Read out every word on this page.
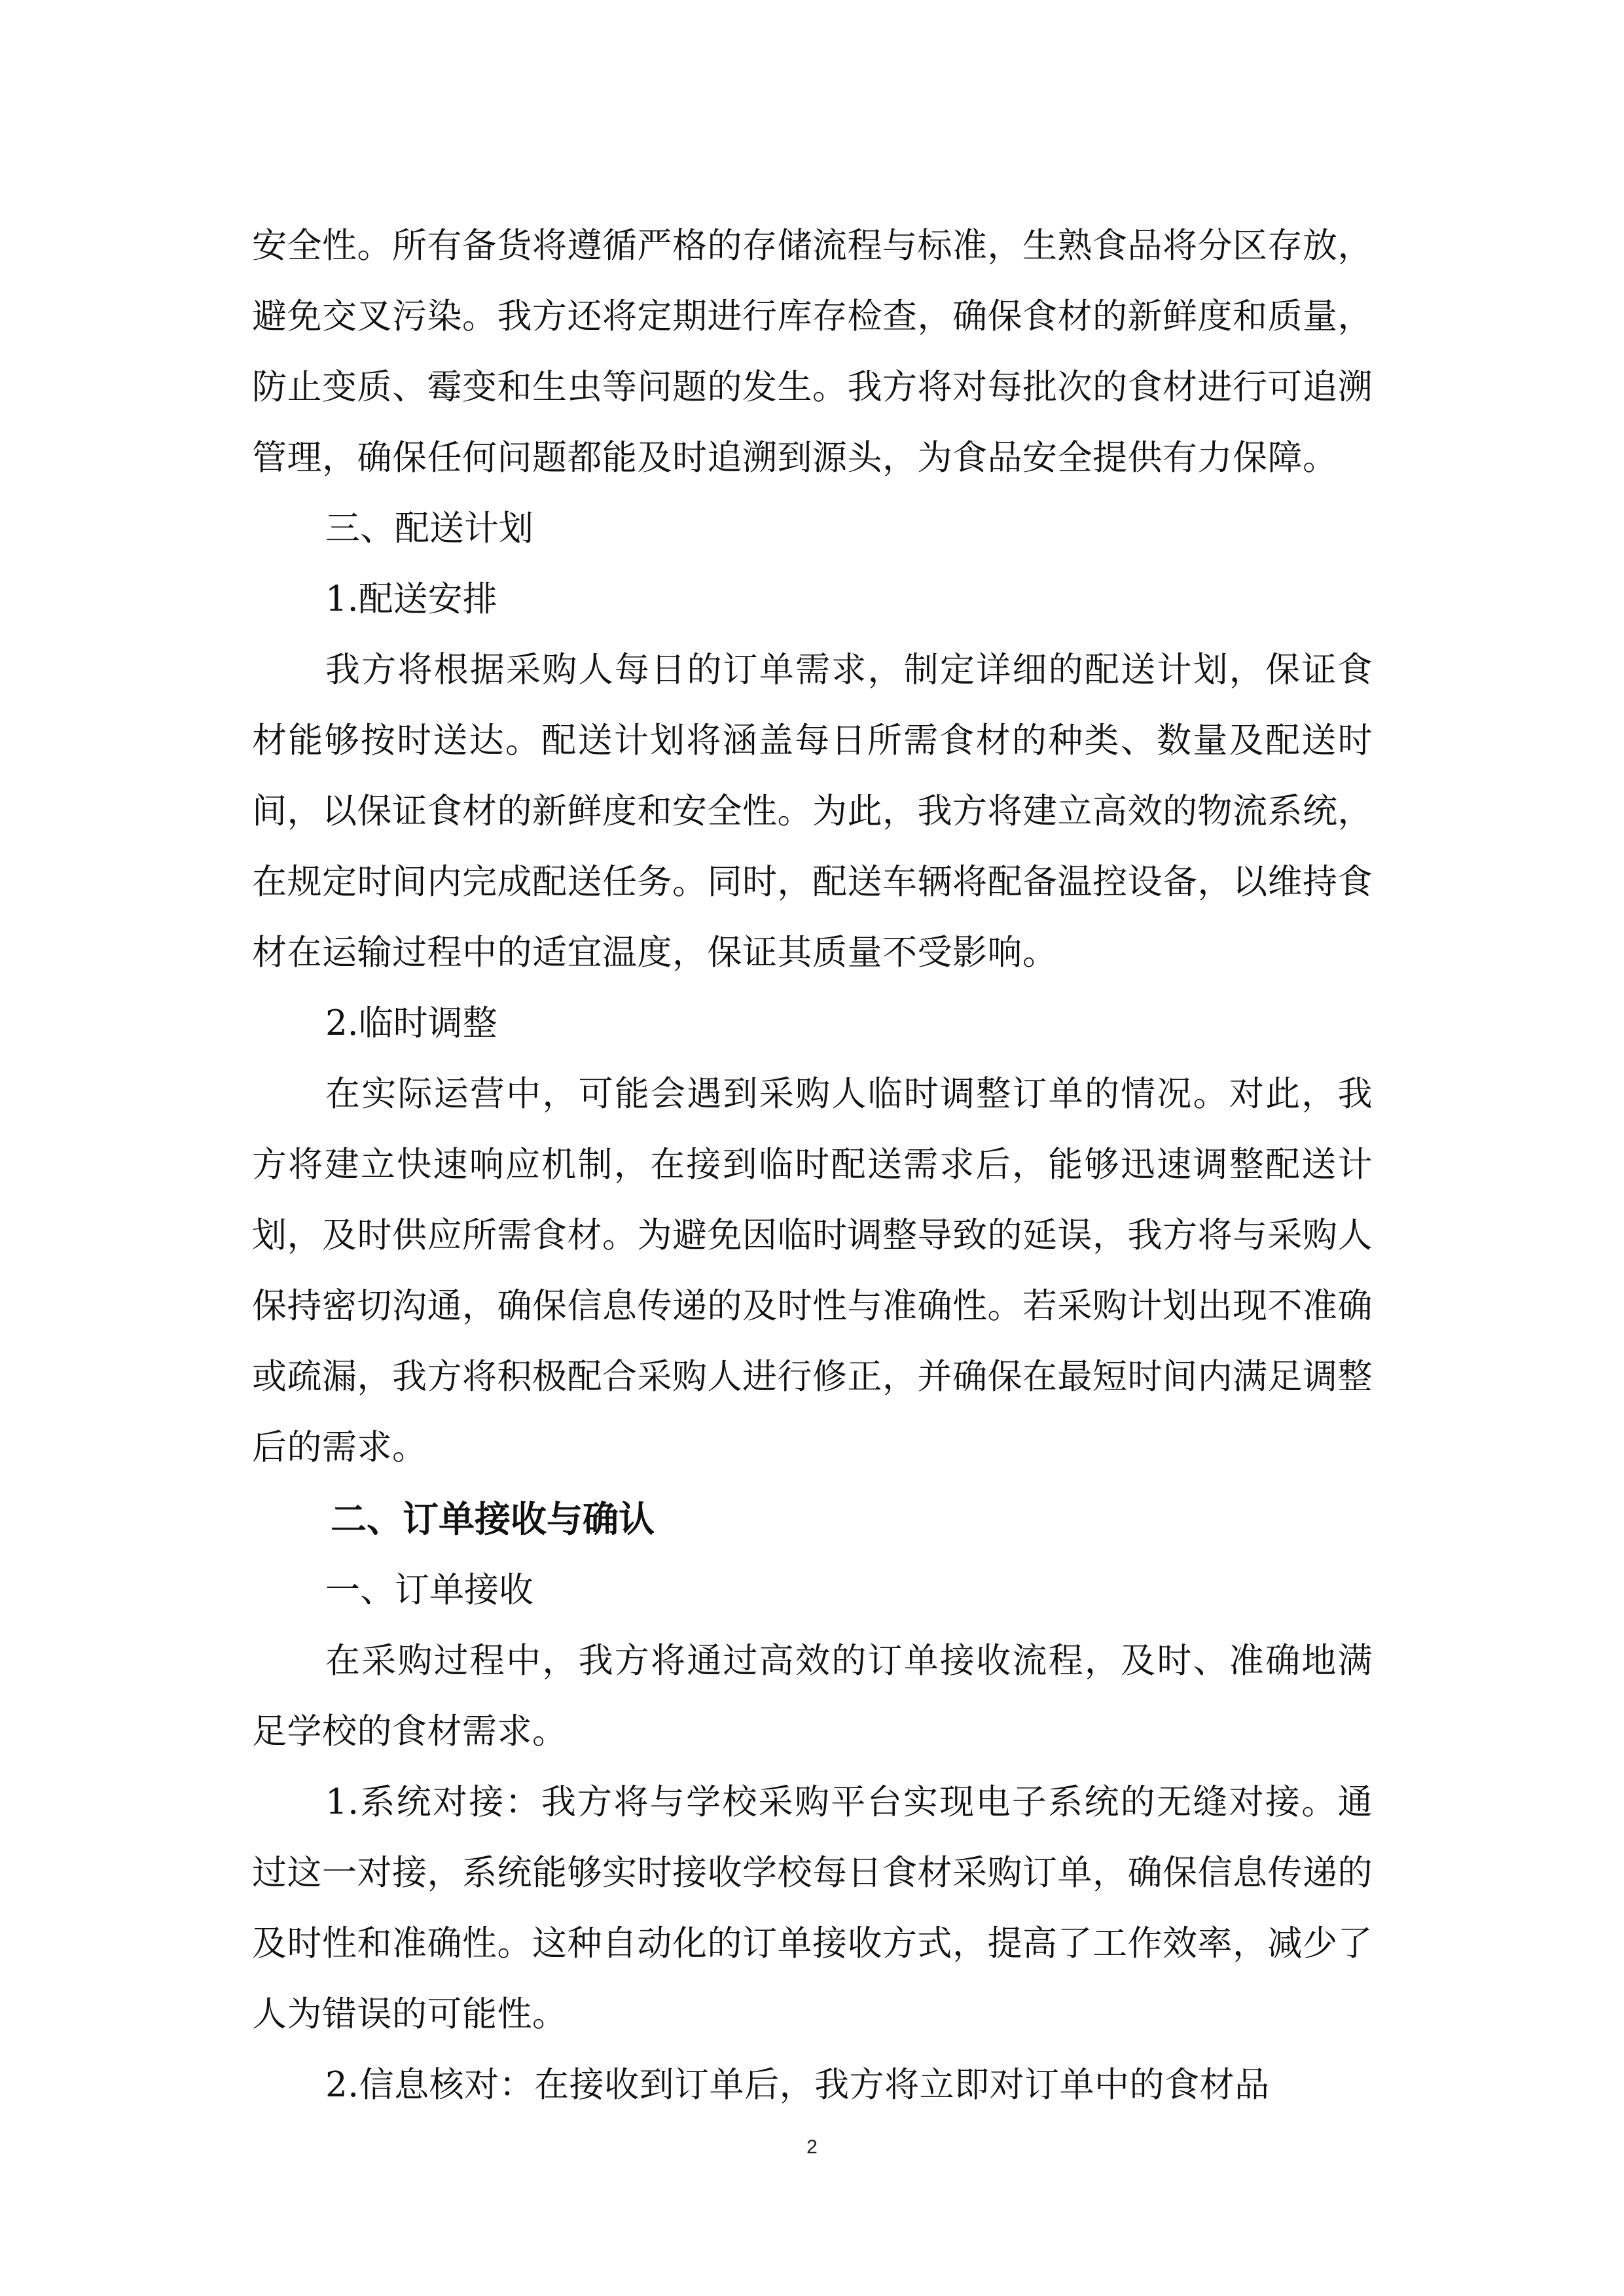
安全性。所有备货将遵循严格的存储流程与标准，生熟食品将分区存放，避免交叉污染。我方还将定期进行库存检查，确保食材的新鲜度和质量，防止变质、霉变和生虫等问题的发生。我方将对每批次的食材进行可追溯管理，确保任何问题都能及时追溯到源头，为食品安全提供有力保障。

三、配送计划

1.配送安排

我方将根据采购人每日的订单需求，制定详细的配送计划，保证食材能够按时送达。配送计划将涵盖每日所需食材的种类、数量及配送时间，以保证食材的新鲜度和安全性。为此，我方将建立高效的物流系统，在规定时间内完成配送任务。同时，配送车辆将配备温控设备，以维持食材在运输过程中的适宜温度，保证其质量不受影响。

2.临时调整

在实际运营中，可能会遇到采购人临时调整订单的情况。对此，我方将建立快速响应机制，在接到临时配送需求后，能够迅速调整配送计划，及时供应所需食材。为避免因临时调整导致的延误，我方将与采购人保持密切沟通，确保信息传递的及时性与准确性。若采购计划出现不准确或疏漏，我方将积极配合采购人进行修正，并确保在最短时间内满足调整后的需求。

二、订单接收与确认

一、订单接收

在采购过程中，我方将通过高效的订单接收流程，及时、准确地满足学校的食材需求。

1.系统对接：我方将与学校采购平台实现电子系统的无缝对接。通过这一对接，系统能够实时接收学校每日食材采购订单，确保信息传递的及时性和准确性。这种自动化的订单接收方式，提高了工作效率，减少了人为错误的可能性。

2.信息核对：在接收到订单后，我方将立即对订单中的食材品

2
